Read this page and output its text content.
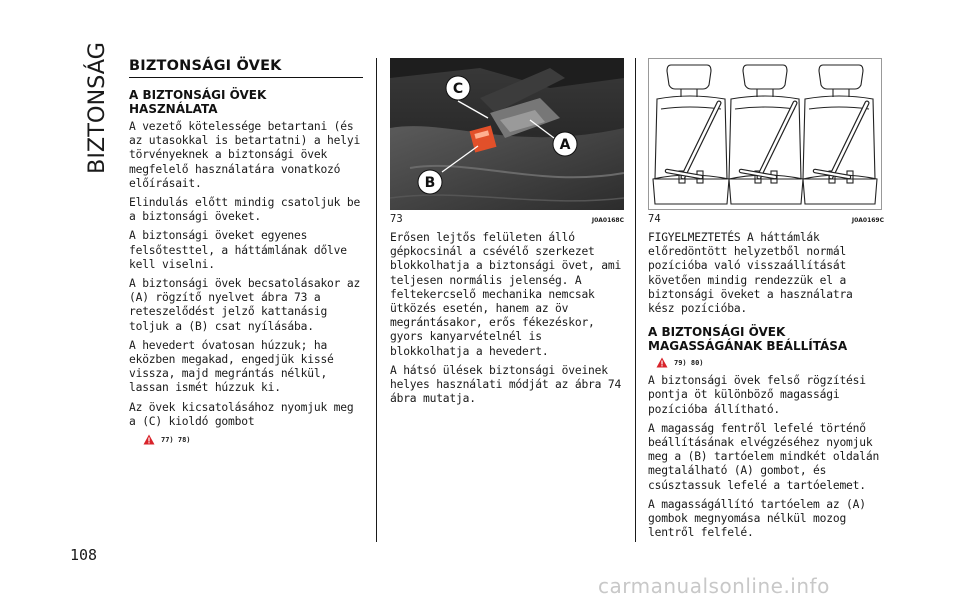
BIZTONSÁG
108
BIZTONSÁGI ÖVEK
A BIZTONSÁGI ÖVEK
HASZNÁLATA

A vezető kötelessége betartani (és az utasokkal is betartatni) a helyi törvényeknek a biztonsági övek megfelelő használatára vonatkozó előírásait.

Elindulás előtt mindig csatoljuk be a biztonsági öveket.

A biztonsági öveket egyenes felsőtesttel, a háttámlának dőlve kell viselni.

A biztonsági övek becsatolásakor az (A) rögzítő nyelvet ábra 73 a reteszelődést jelző kattanásig toljuk a (B) csat nyílásába.

A hevedert óvatosan húzzuk; ha eközben megakad, engedjük kissé vissza, majd megrántás nélkül, lassan ismét húzzuk ki.

Az övek kicsatolásához nyomjuk meg a (C) kioldó gombot

77) 78)
C
A
B
73	J0A0168C

Erősen lejtős felületen álló gépkocsinál a csévélő szerkezet blokkolhatja a biztonsági övet, ami teljesen normális jelenség. A feltekercselő mechanika nemcsak ütközés esetén, hanem az öv megrántásakor, erős fékezéskor, gyors kanyarvételnél is blokkolhatja a hevedert.

A hátsó ülések biztonsági öveinek helyes használati módját az ábra 74 ábra mutatja.

74	J0A0169C

FIGYELMEZTETÉS A háttámlák előredöntött helyzetből normál pozícióba való visszaállítását követően mindig rendezzük el a biztonsági öveket a használatra kész pozícióba.

A BIZTONSÁGI ÖVEK
MAGASSÁGÁNAK BEÁLLÍTÁSA
79) 80)

A biztonsági övek felső rögzítési pontja öt különböző magassági pozícióba állítható.

A magasság fentről lefelé történő beállításának elvégzéséhez nyomjuk meg a (B) tartóelem mindkét oldalán megtalálható (A) gombot, és csúsztassuk lefelé a tartóelemet.

A magasságállító tartóelem az (A) gombok megnyomása nélkül mozog lentről felfelé.

carmanualsonline.info
